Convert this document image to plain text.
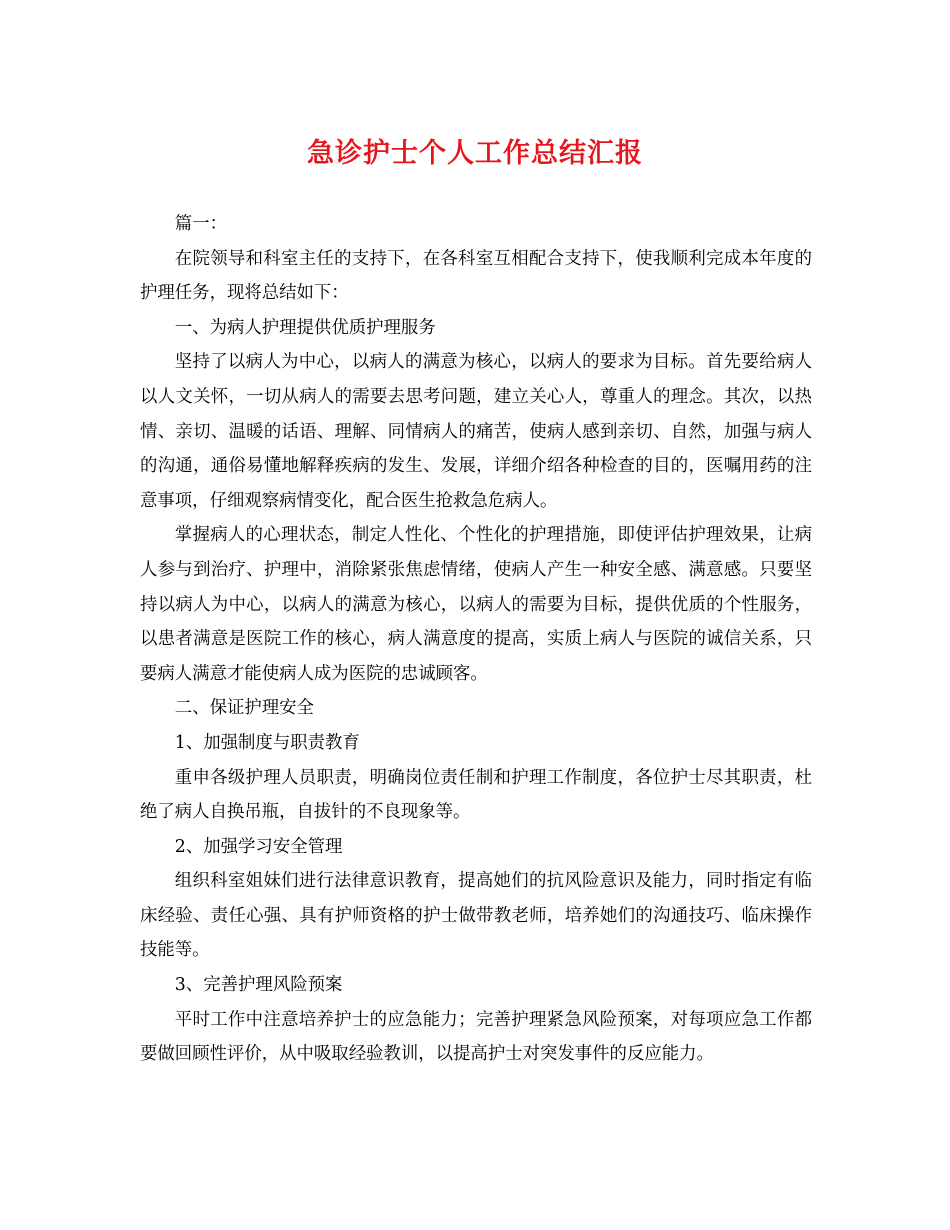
急诊护士个人工作总结汇报

篇一：

在院领导和科室主任的支持下，在各科室互相配合支持下，使我顺利完成本年度的护理任务，现将总结如下：

一、为病人护理提供优质护理服务

坚持了以病人为中心，以病人的满意为核心，以病人的要求为目标。首先要给病人以人文关怀，一切从病人的需要去思考问题，建立关心人，尊重人的理念。其次，以热情、亲切、温暖的话语、理解、同情病人的痛苦，使病人感到亲切、自然，加强与病人的沟通，通俗易懂地解释疾病的发生、发展，详细介绍各种检查的目的，医嘱用药的注意事项，仔细观察病情变化，配合医生抢救急危病人。

掌握病人的心理状态，制定人性化、个性化的护理措施，即使评估护理效果，让病人参与到治疗、护理中，消除紧张焦虑情绪，使病人产生一种安全感、满意感。只要坚持以病人为中心，以病人的满意为核心，以病人的需要为目标，提供优质的个性服务，以患者满意是医院工作的核心，病人满意度的提高，实质上病人与医院的诚信关系，只要病人满意才能使病人成为医院的忠诚顾客。

二、保证护理安全

1、加强制度与职责教育

重申各级护理人员职责，明确岗位责任制和护理工作制度，各位护士尽其职责，杜绝了病人自换吊瓶，自拔针的不良现象等。

2、加强学习安全管理

组织科室姐妹们进行法律意识教育，提高她们的抗风险意识及能力，同时指定有临床经验、责任心强、具有护师资格的护士做带教老师，培养她们的沟通技巧、临床操作技能等。

3、完善护理风险预案

平时工作中注意培养护士的应急能力；完善护理紧急风险预案，对每项应急工作都要做回顾性评价，从中吸取经验教训，以提高护士对突发事件的反应能力。
